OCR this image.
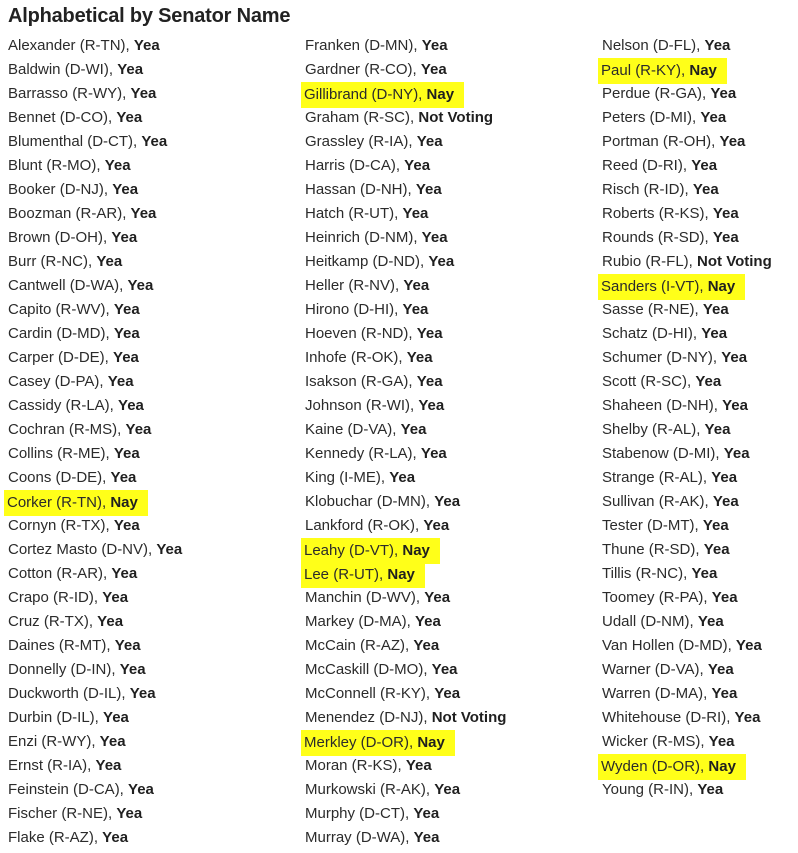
Alphabetical by Senator Name
Alexander (R-TN), Yea
Baldwin (D-WI), Yea
Barrasso (R-WY), Yea
Bennet (D-CO), Yea
Blumenthal (D-CT), Yea
Blunt (R-MO), Yea
Booker (D-NJ), Yea
Boozman (R-AR), Yea
Brown (D-OH), Yea
Burr (R-NC), Yea
Cantwell (D-WA), Yea
Capito (R-WV), Yea
Cardin (D-MD), Yea
Carper (D-DE), Yea
Casey (D-PA), Yea
Cassidy (R-LA), Yea
Cochran (R-MS), Yea
Collins (R-ME), Yea
Coons (D-DE), Yea
Corker (R-TN), Nay
Cornyn (R-TX), Yea
Cortez Masto (D-NV), Yea
Cotton (R-AR), Yea
Crapo (R-ID), Yea
Cruz (R-TX), Yea
Daines (R-MT), Yea
Donnelly (D-IN), Yea
Duckworth (D-IL), Yea
Durbin (D-IL), Yea
Enzi (R-WY), Yea
Ernst (R-IA), Yea
Feinstein (D-CA), Yea
Fischer (R-NE), Yea
Flake (R-AZ), Yea
Franken (D-MN), Yea
Gardner (R-CO), Yea
Gillibrand (D-NY), Nay
Graham (R-SC), Not Voting
Grassley (R-IA), Yea
Harris (D-CA), Yea
Hassan (D-NH), Yea
Hatch (R-UT), Yea
Heinrich (D-NM), Yea
Heitkamp (D-ND), Yea
Heller (R-NV), Yea
Hirono (D-HI), Yea
Hoeven (R-ND), Yea
Inhofe (R-OK), Yea
Isakson (R-GA), Yea
Johnson (R-WI), Yea
Kaine (D-VA), Yea
Kennedy (R-LA), Yea
King (I-ME), Yea
Klobuchar (D-MN), Yea
Lankford (R-OK), Yea
Leahy (D-VT), Nay
Lee (R-UT), Nay
Manchin (D-WV), Yea
Markey (D-MA), Yea
McCain (R-AZ), Yea
McCaskill (D-MO), Yea
McConnell (R-KY), Yea
Menendez (D-NJ), Not Voting
Merkley (D-OR), Nay
Moran (R-KS), Yea
Murkowski (R-AK), Yea
Murphy (D-CT), Yea
Murray (D-WA), Yea
Nelson (D-FL), Yea
Paul (R-KY), Nay
Perdue (R-GA), Yea
Peters (D-MI), Yea
Portman (R-OH), Yea
Reed (D-RI), Yea
Risch (R-ID), Yea
Roberts (R-KS), Yea
Rounds (R-SD), Yea
Rubio (R-FL), Not Voting
Sanders (I-VT), Nay
Sasse (R-NE), Yea
Schatz (D-HI), Yea
Schumer (D-NY), Yea
Scott (R-SC), Yea
Shaheen (D-NH), Yea
Shelby (R-AL), Yea
Stabenow (D-MI), Yea
Strange (R-AL), Yea
Sullivan (R-AK), Yea
Tester (D-MT), Yea
Thune (R-SD), Yea
Tillis (R-NC), Yea
Toomey (R-PA), Yea
Udall (D-NM), Yea
Van Hollen (D-MD), Yea
Warner (D-VA), Yea
Warren (D-MA), Yea
Whitehouse (D-RI), Yea
Wicker (R-MS), Yea
Wyden (D-OR), Nay
Young (R-IN), Yea
